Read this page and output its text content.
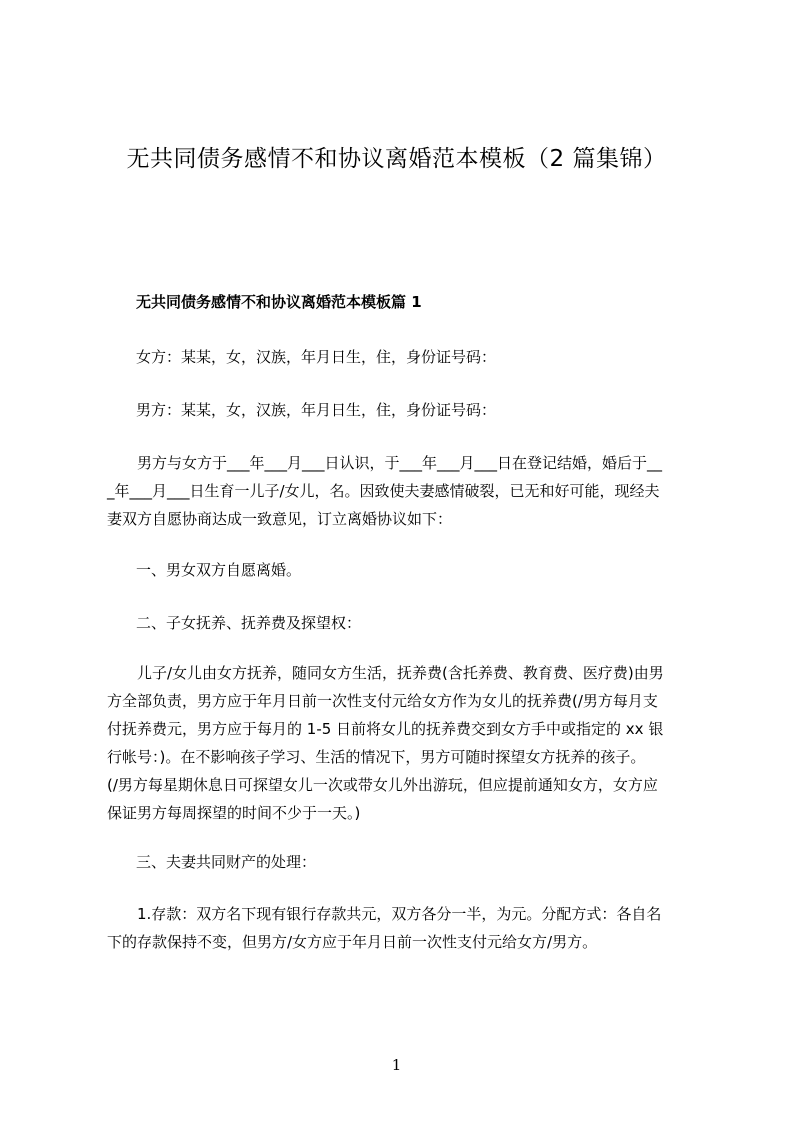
无共同债务感情不和协议离婚范本模板（2 篇集锦）
无共同债务感情不和协议离婚范本模板篇 1
女方：某某，女，汉族，年月日生，住，身份证号码：
男方：某某，女，汉族，年月日生，住，身份证号码：
男方与女方于___年___月___日认识，于___年___月___日在登记结婚，婚后于__
_年___月___日生育一儿子/女儿，名。因致使夫妻感情破裂，已无和好可能，现经夫
妻双方自愿协商达成一致意见，订立离婚协议如下：
一、男女双方自愿离婚。
二、子女抚养、抚养费及探望权：
儿子/女儿由女方抚养，随同女方生活，抚养费(含托养费、教育费、医疗费)由男
方全部负责，男方应于年月日前一次性支付元给女方作为女儿的抚养费(/男方每月支
付抚养费元，男方应于每月的 1-5 日前将女儿的抚养费交到女方手中或指定的 xx 银
行帐号：)。在不影响孩子学习、生活的情况下，男方可随时探望女方抚养的孩子。
(/男方每星期休息日可探望女儿一次或带女儿外出游玩，但应提前通知女方，女方应
保证男方每周探望的时间不少于一天。)
三、夫妻共同财产的处理：
1.存款：双方名下现有银行存款共元，双方各分一半，为元。分配方式：各自名
下的存款保持不变，但男方/女方应于年月日前一次性支付元给女方/男方。
1
